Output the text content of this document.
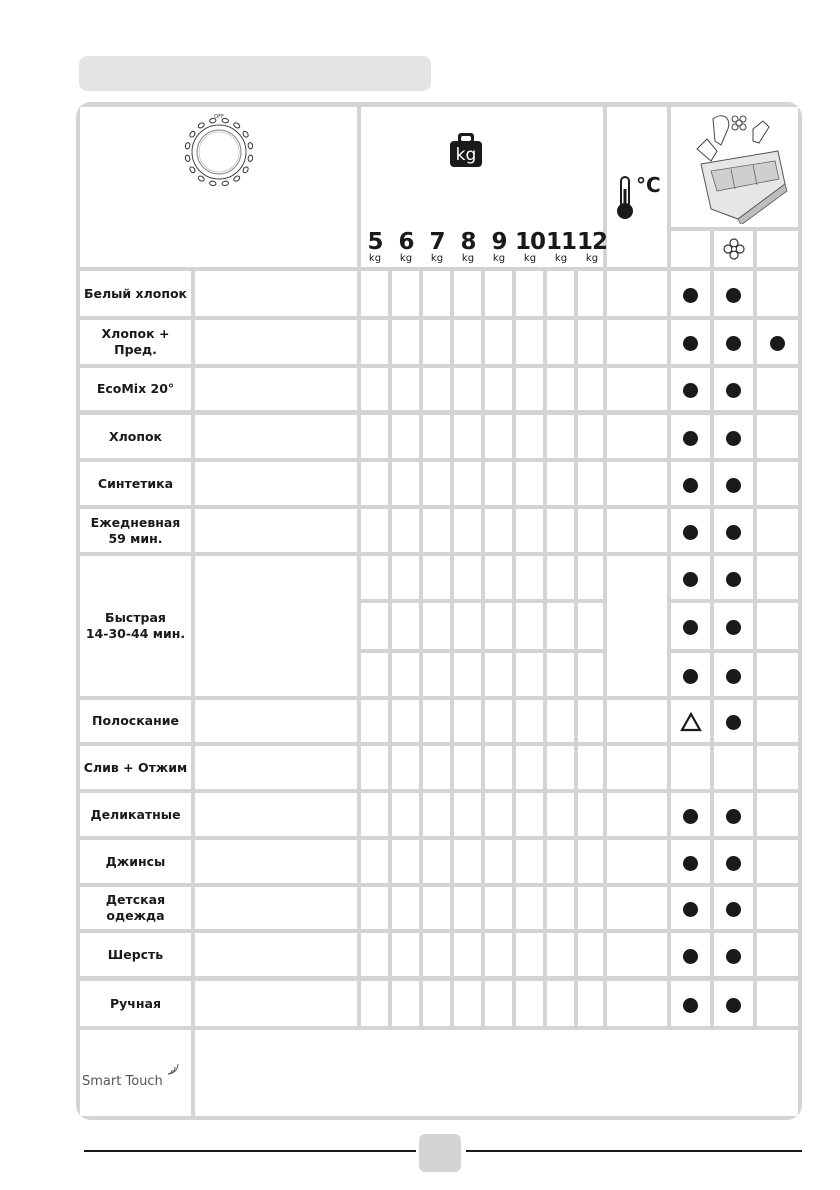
OFF
kg
°C
5
kg
6
kg
7
kg
8
kg
9
kg
10
kg
11
kg
12
kg
Белый хлопок
Хлопок +
Пред.
EcoMix 20°
Хлопок
Синтетика
Ежедневная
59 мин.
Быстрая
14-30-44 мин.
Полоскание
Слив + Отжим
Деликатные
Джинсы
Детская
одежда
Шерсть
Ручная
Smart Touch
